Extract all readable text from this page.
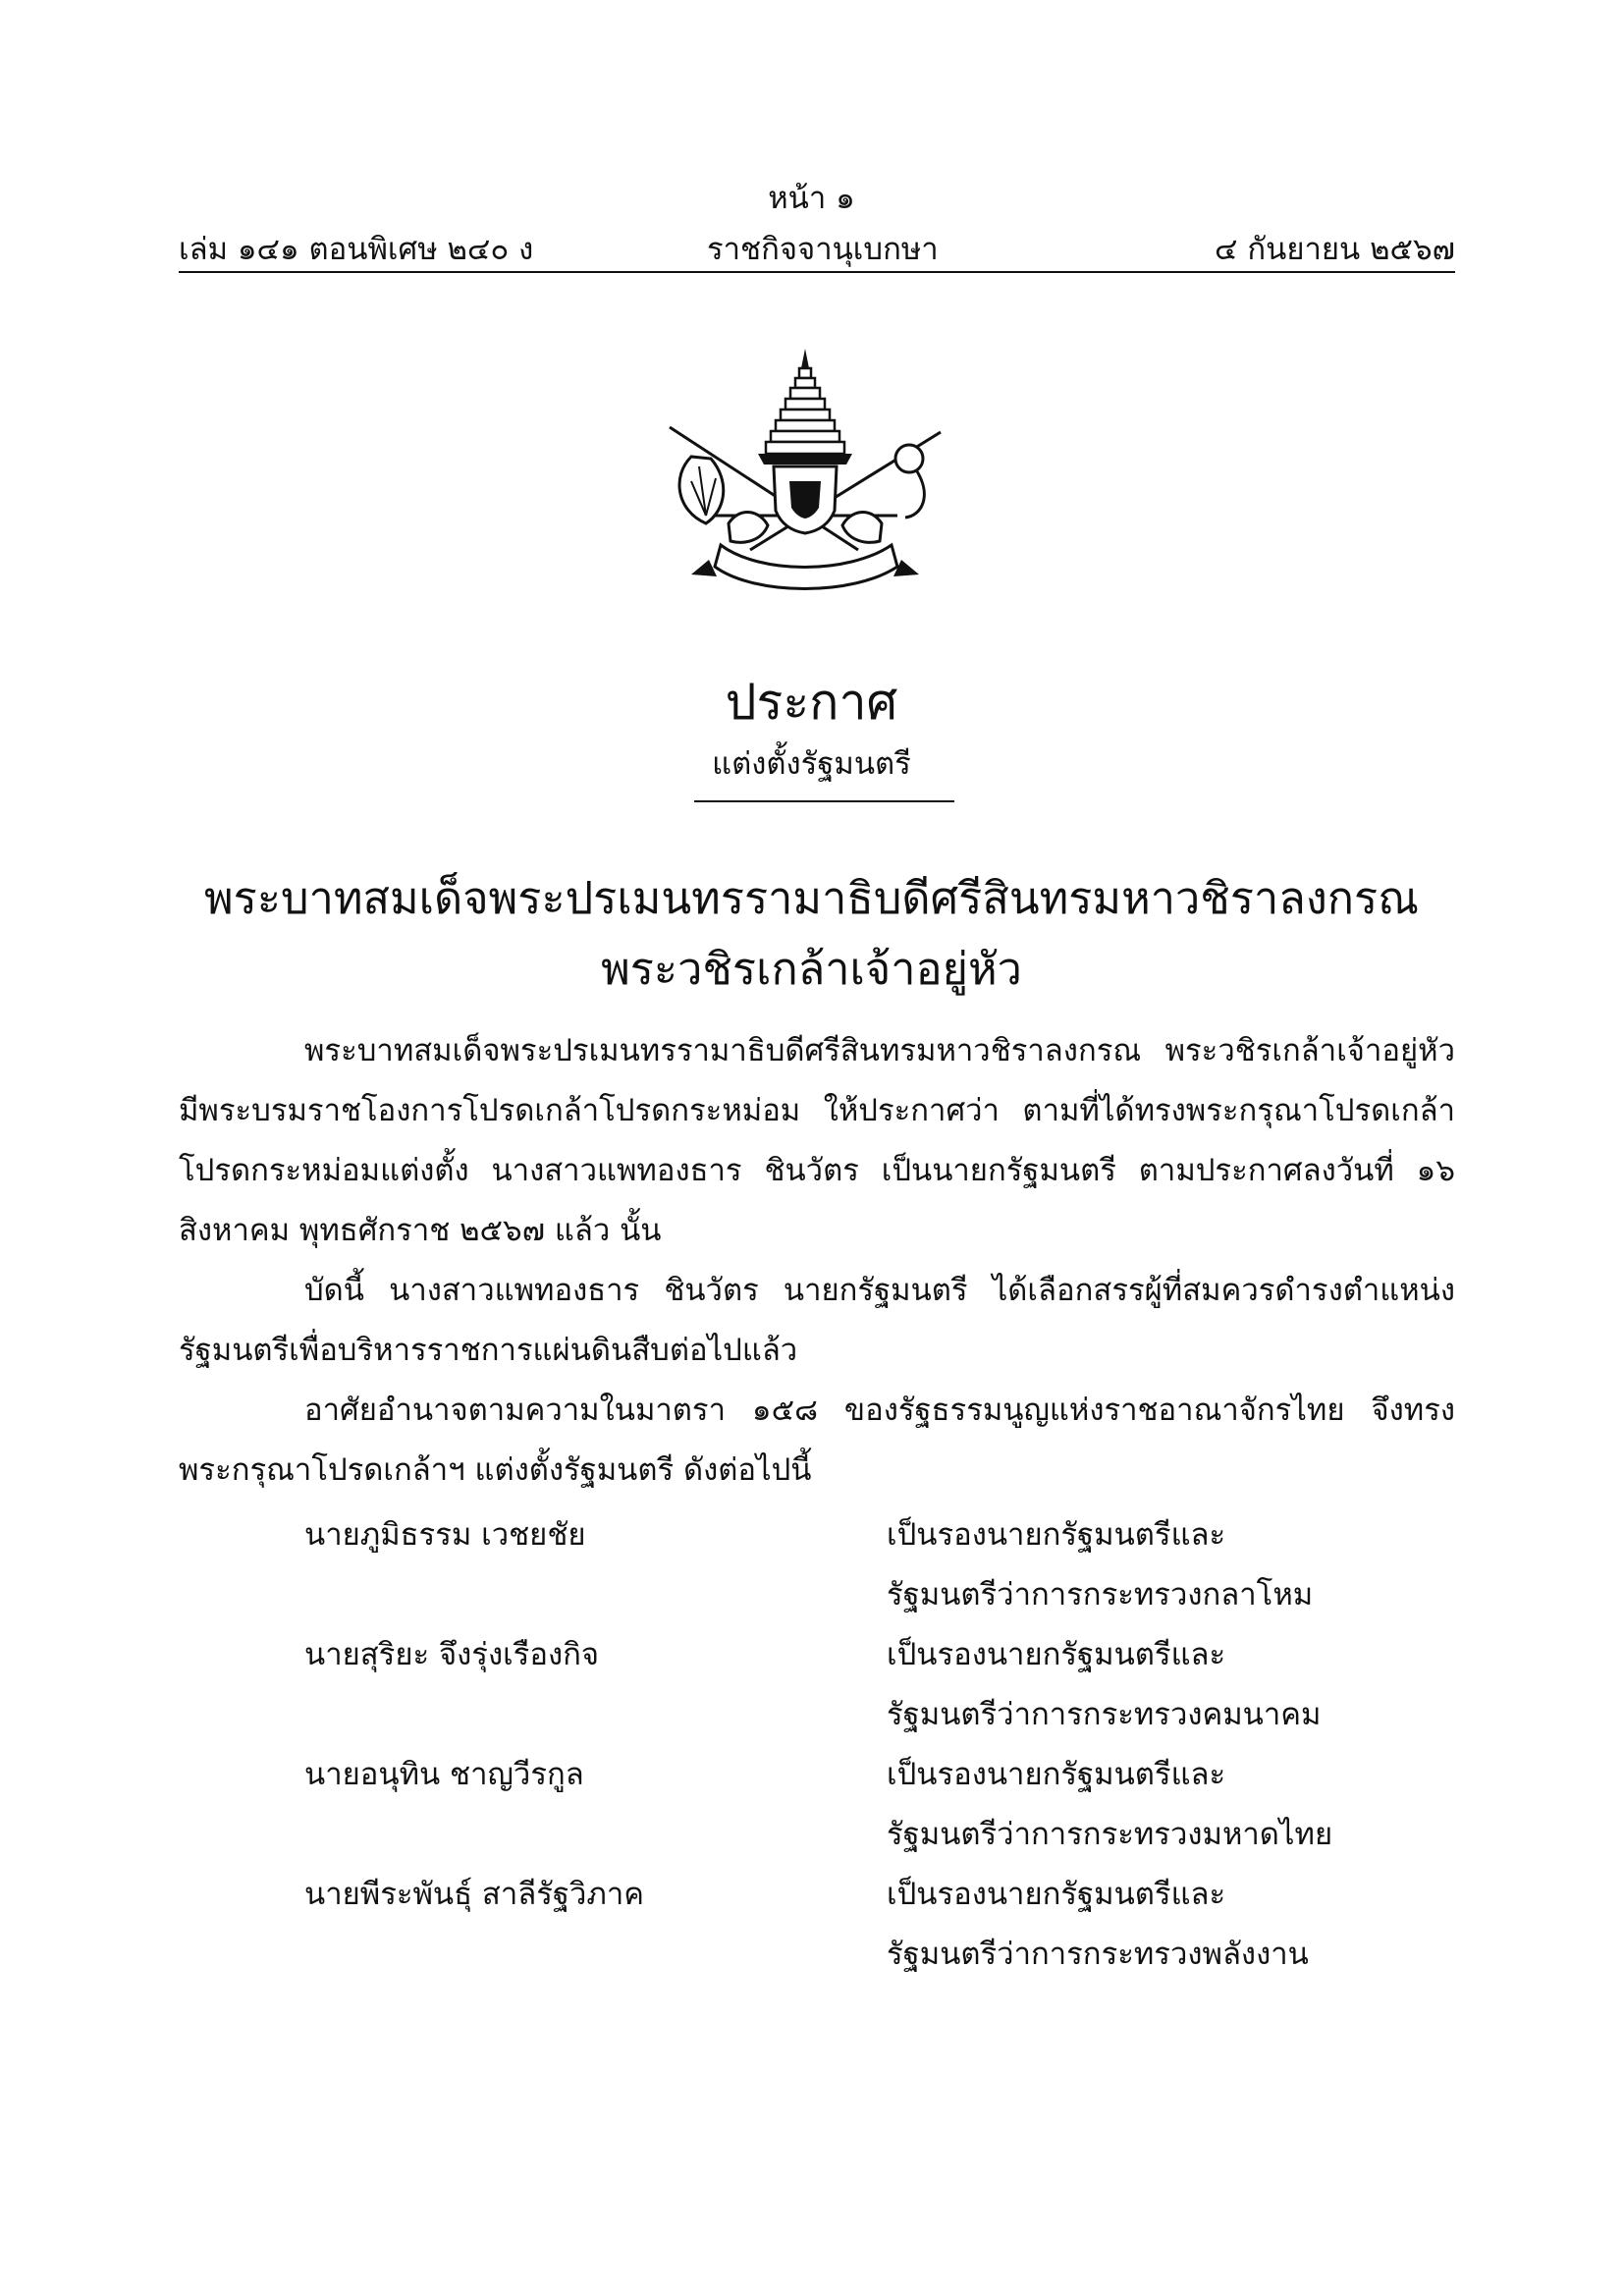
หน้า ๑
เล่ม ๑๔๑ ตอนพิเศษ ๒๔๐ ง	ราชกิจจานุเบกษา	๔ กันยายน ๒๕๖๗
ประกาศ
แต่งตั้งรัฐมนตรี
พระบาทสมเด็จพระปรเมนทรรามาธิบดีศรีสินทรมหาวชิราลงกรณ
พระวชิรเกล้าเจ้าอยู่หัว
พระบาทสมเด็จพระปรเมนทรรามาธิบดีศรีสินทรมหาวชิราลงกรณ พระวชิรเกล้าเจ้าอยู่หัว มีพระบรมราชโองการโปรดเกล้าโปรดกระหม่อม ให้ประกาศว่า ตามที่ได้ทรงพระกรุณาโปรดเกล้าโปรดกระหม่อมแต่งตั้ง นางสาวแพทองธาร ชินวัตร เป็นนายกรัฐมนตรี ตามประกาศลงวันที่ ๑๖ สิงหาคม พุทธศักราช ๒๕๖๗ แล้ว นั้น
บัดนี้ นางสาวแพทองธาร ชินวัตร นายกรัฐมนตรี ได้เลือกสรรผู้ที่สมควรดำรงตำแหน่งรัฐมนตรีเพื่อบริหารราชการแผ่นดินสืบต่อไปแล้ว
อาศัยอำนาจตามความในมาตรา ๑๕๘ ของรัฐธรรมนูญแห่งราชอาณาจักรไทย จึงทรงพระกรุณาโปรดเกล้าฯ แต่งตั้งรัฐมนตรี ดังต่อไปนี้
นายภูมิธรรม เวชยชัย	เป็นรองนายกรัฐมนตรีและ
รัฐมนตรีว่าการกระทรวงกลาโหม
นายสุริยะ จึงรุ่งเรืองกิจ	เป็นรองนายกรัฐมนตรีและ
รัฐมนตรีว่าการกระทรวงคมนาคม
นายอนุทิน ชาญวีรกูล	เป็นรองนายกรัฐมนตรีและ
รัฐมนตรีว่าการกระทรวงมหาดไทย
นายพีระพันธุ์ สาลีรัฐวิภาค	เป็นรองนายกรัฐมนตรีและ
รัฐมนตรีว่าการกระทรวงพลังงาน
